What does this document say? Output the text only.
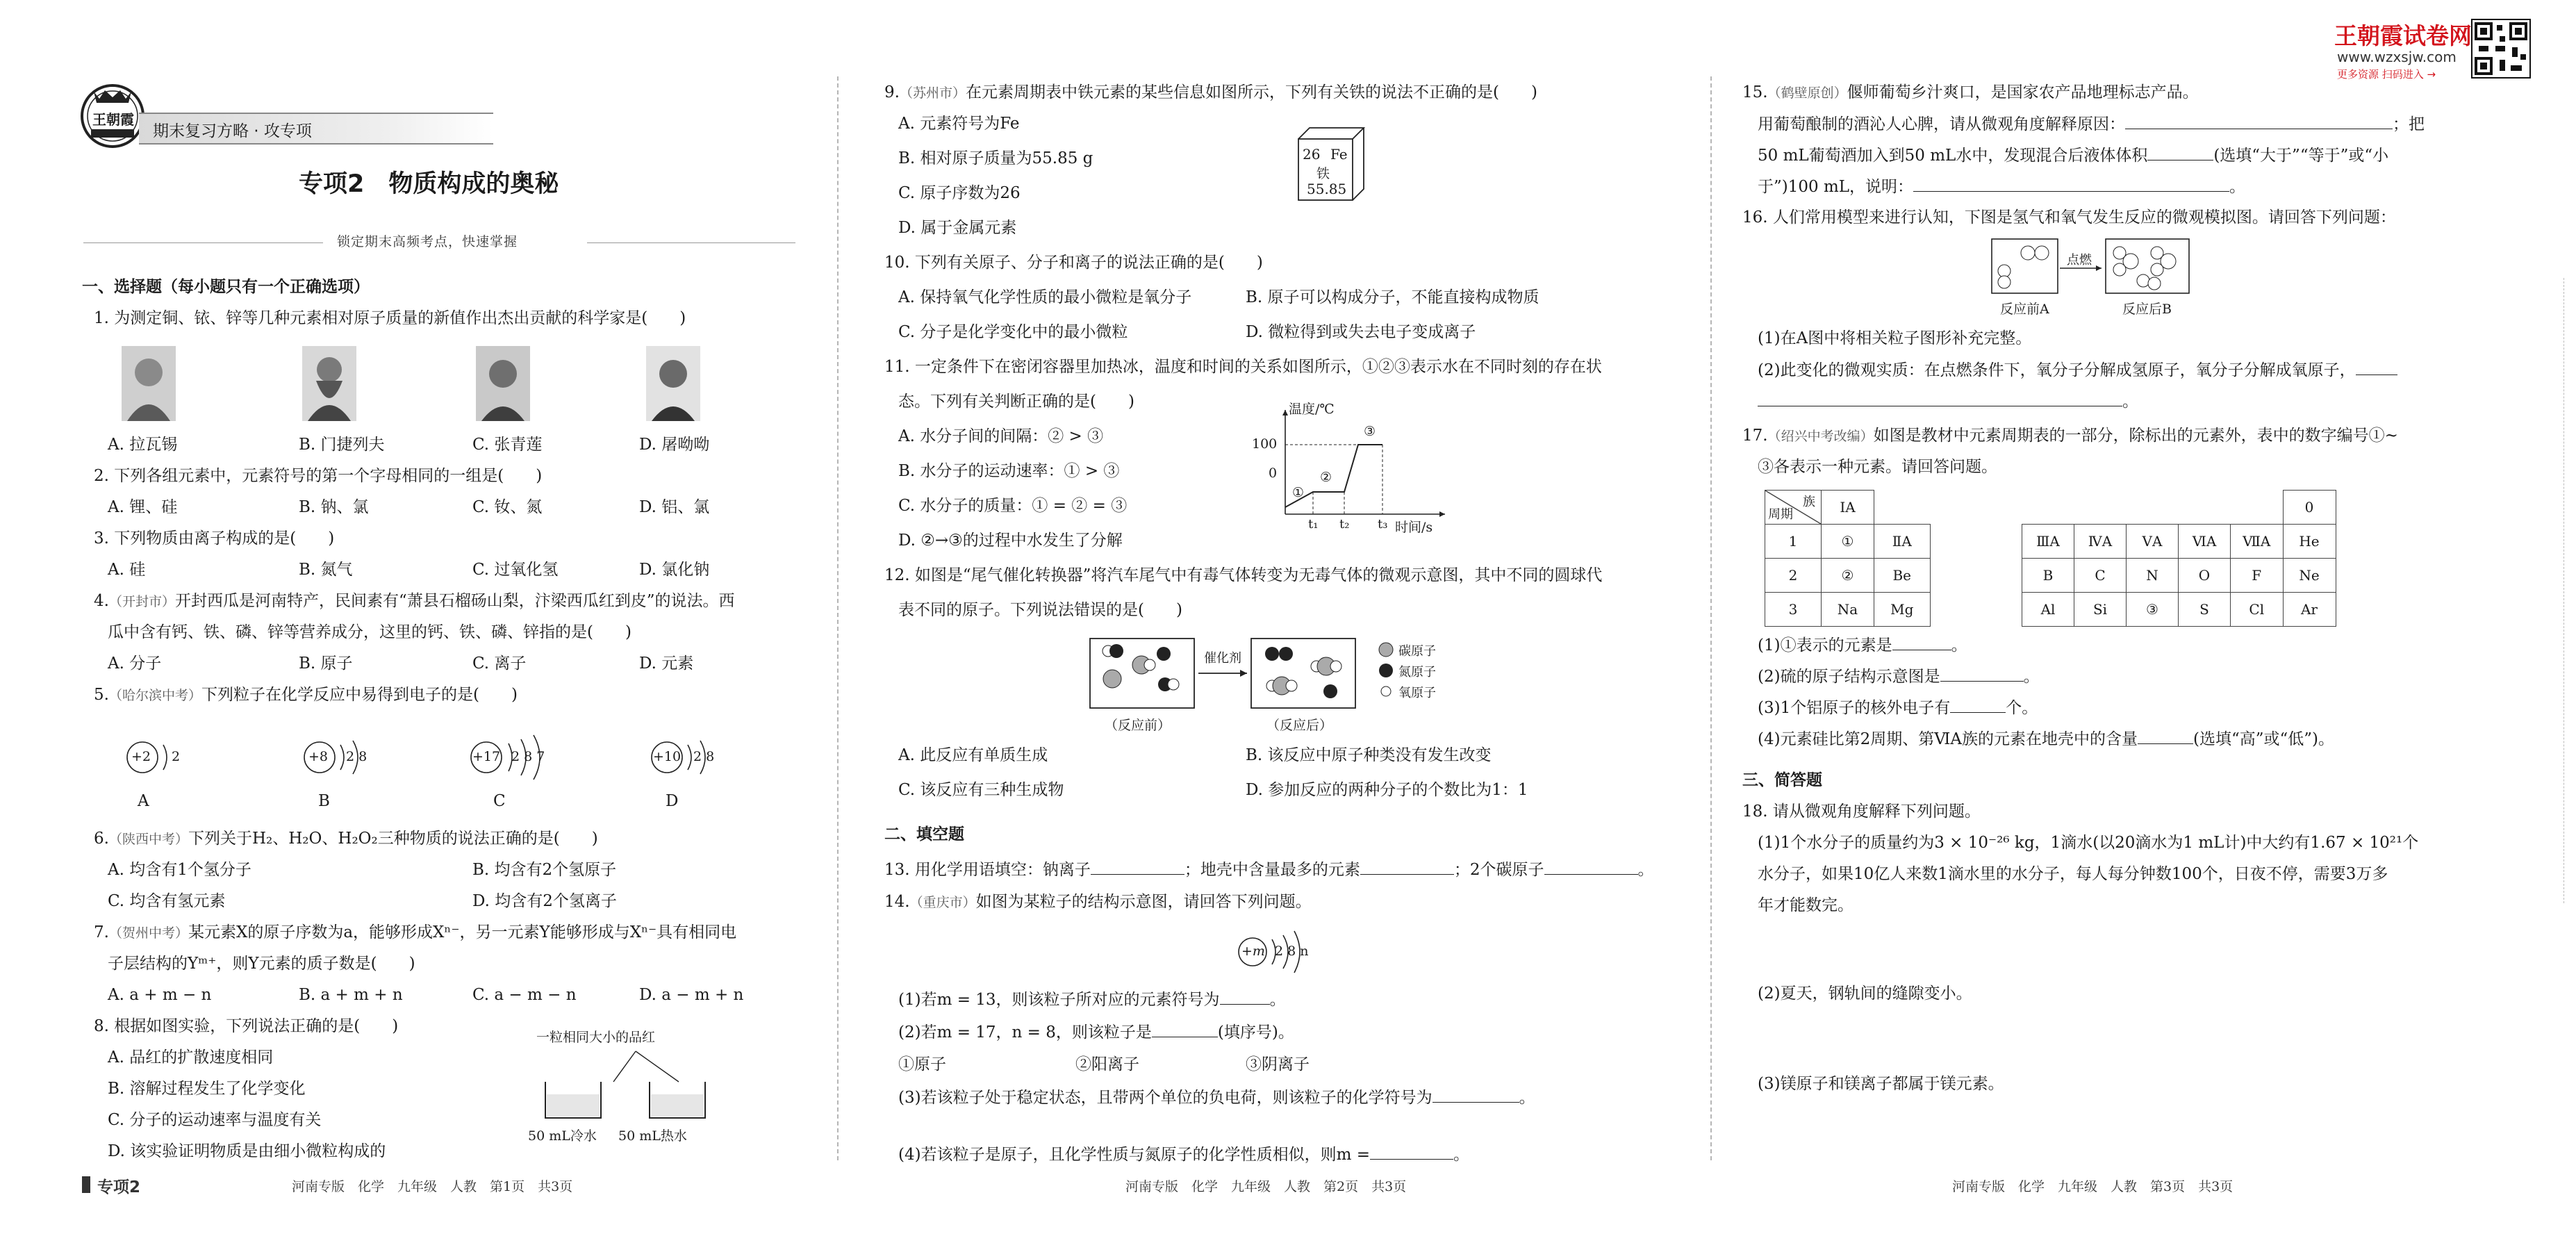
王朝霞
期末复习方略 · 攻专项
专项2　物质构成的奥秘
锁定期末高频考点，快速掌握
一、选择题（每小题只有一个正确选项）
1. 为测定铜、铱、锌等几种元素相对原子质量的新值作出杰出贡献的科学家是(　　)
A. 拉瓦锡	B. 门捷列夫	C. 张青莲	D. 屠呦呦
2. 下列各组元素中，元素符号的第一个字母相同的一组是(　　)
A. 锂、硅	B. 钠、氯	C. 钕、氮	D. 铝、氯
3. 下列物质由离子构成的是(　　)
A. 硅	B. 氮气	C. 过氧化氢	D. 氯化钠
4.（开封市）开封西瓜是河南特产，民间素有“萧县石榴砀山梨，汴梁西瓜红到皮”的说法。西
瓜中含有钙、铁、磷、锌等营养成分，这里的钙、铁、磷、锌指的是(　　)
A. 分子	B. 原子	C. 离子	D. 元素
5.（哈尔滨中考）下列粒子在化学反应中易得到电子的是(　　)
+2 2
A
+8 2 8
B
+17 2 8 7
C
+10 2 8
D
6.（陕西中考）下列关于H₂、H₂O、H₂O₂三种物质的说法正确的是(　　)
A. 均含有1个氢分子	B. 均含有2个氢原子
C. 均含有氢元素	D. 均含有2个氢离子
7.（贺州中考）某元素X的原子序数为a，能够形成Xⁿ⁻，另一元素Y能够形成与Xⁿ⁻具有相同电
子层结构的Yᵐ⁺，则Y元素的质子数是(　　)
A. a + m − n	B. a + m + n	C. a − m − n	D. a − m + n
8. 根据如图实验，下列说法正确的是(　　)
A. 品红的扩散速度相同
B. 溶解过程发生了化学变化
C. 分子的运动速率与温度有关
D. 该实验证明物质是由细小微粒构成的
一粒相同大小的品红
50 mL冷水 50 mL热水
专项2	河南专版　化学　九年级　人教　第1页　共3页
9.（苏州市）在元素周期表中铁元素的某些信息如图所示，下列有关铁的说法不正确的是(　　)
A. 元素符号为Fe
B. 相对原子质量为55.85 g
C. 原子序数为26
D. 属于金属元素
26 Fe
铁
55.85
10. 下列有关原子、分子和离子的说法正确的是(　　)
A. 保持氧气化学性质的最小微粒是氧分子	B. 原子可以构成分子，不能直接构成物质
C. 分子是化学变化中的最小微粒	D. 微粒得到或失去电子变成离子
11. 一定条件下在密闭容器里加热冰，温度和时间的关系如图所示，①②③表示水在不同时刻的存在状
态。下列有关判断正确的是(　　)
A. 水分子间的间隔：② > ③
B. 水分子的运动速率：① > ③
C. 水分子的质量：① = ② = ③
D. ②→③的过程中水发生了分解
温度/℃
100
0
t₁ t₂ t₃ 时间/s
①
②
③
12. 如图是“尾气催化转换器”将汽车尾气中有毒气体转变为无毒气体的微观示意图，其中不同的圆球代
表不同的原子。下列说法错误的是(　　)
催化剂
（反应前）	（反应后）
碳原子
氮原子
氧原子
A. 此反应有单质生成	B. 该反应中原子种类没有发生改变
C. 该反应有三种生成物	D. 参加反应的两种分子的个数比为1：1
二、填空题
13. 用化学用语填空：钠离子	；地壳中含量最多的元素	；2个碳原子	。
14.（重庆市）如图为某粒子的结构示意图，请回答下列问题。
+m 2 8 n
(1)若m = 13，则该粒子所对应的元素符号为	。
(2)若m = 17，n = 8，则该粒子是	(填序号)。
①原子	②阳离子	③阴离子
(3)若该粒子处于稳定状态，且带两个单位的负电荷，则该粒子的化学符号为	。
(4)若该粒子是原子，且化学性质与氮原子的化学性质相似，则m =	。
河南专版　化学　九年级　人教　第2页　共3页
王朝霞试卷网
www.wzxsjw.com
更多资源 扫码进入 →
15.（鹤壁原创）偃师葡萄乡汁爽口，是国家农产品地理标志产品。
用葡萄酿制的酒沁人心脾，请从微观角度解释原因：	；把
50 mL葡萄酒加入到50 mL水中，发现混合后液体体积	(选填“大于”“等于”或“小
于”)100 mL，说明：	。
16. 人们常用模型来进行认知，下图是氢气和氧气发生反应的微观模拟图。请回答下列问题：
点燃
反应前A	反应后B
(1)在A图中将相关粒子图形补充完整。
(2)此变化的微观实质：在点燃条件下，氧分子分解成氢原子，氧分子分解成氧原子，
。
17.（绍兴中考改编）如图是教材中元素周期表的一部分，除标出的元素外，表中的数字编号①~
③各表示一种元素。请回答问题。
族
周期	ⅠA	
1	①	ⅡA
2	②	Be
3	Na	Mg
					0
ⅢA	ⅣA	ⅤA	ⅥA	ⅦA	He
B	C	N	O	F	Ne
Al	Si	③	S	Cl	Ar
(1)①表示的元素是	。
(2)硫的原子结构示意图是	。
(3)1个铝原子的核外电子有	个。
(4)元素硅比第2周期、第ⅥA族的元素在地壳中的含量	(选填“高”或“低”)。
三、简答题
18. 请从微观角度解释下列问题。
(1)1个水分子的质量约为3 × 10⁻²⁶ kg，1滴水(以20滴水为1 mL计)中大约有1.67 × 10²¹个
水分子，如果10亿人来数1滴水里的水分子，每人每分钟数100个，日夜不停，需要3万多
年才能数完。
(2)夏天，钢轨间的缝隙变小。
(3)镁原子和镁离子都属于镁元素。
河南专版　化学　九年级　人教　第3页　共3页
